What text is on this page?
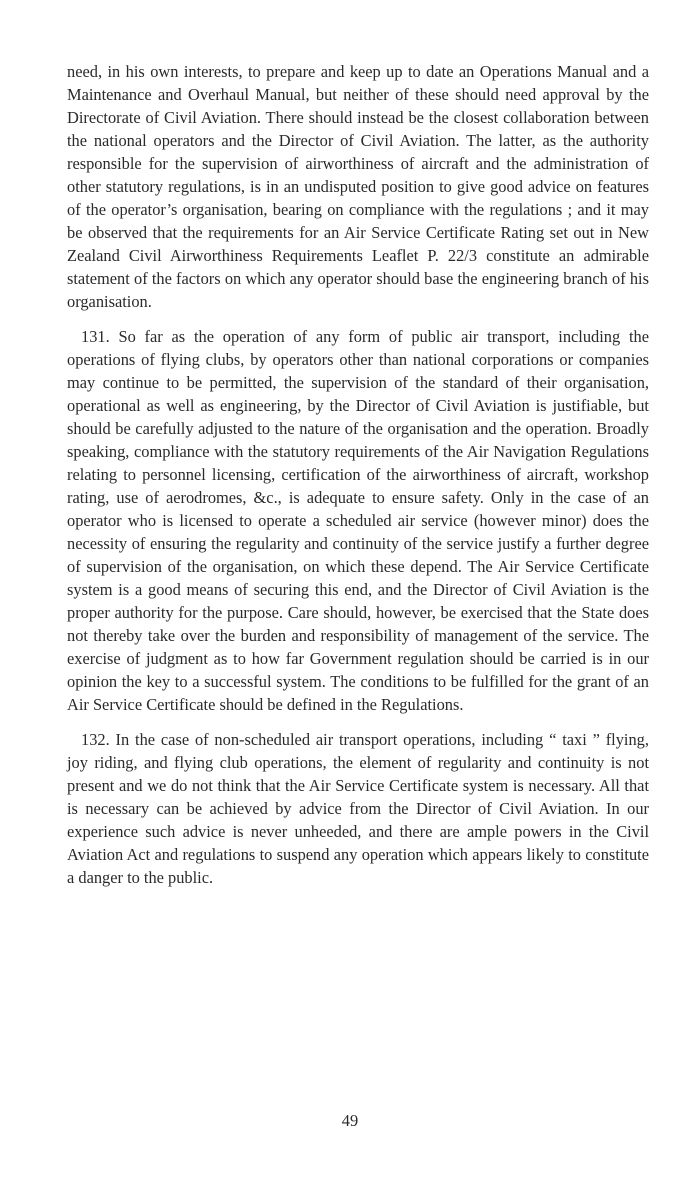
need, in his own interests, to prepare and keep up to date an Operations Manual and a Maintenance and Overhaul Manual, but neither of these should need approval by the Directorate of Civil Aviation. There should instead be the closest collaboration between the national operators and the Director of Civil Aviation. The latter, as the authority responsible for the supervision of airworthiness of aircraft and the administration of other statutory regulations, is in an undisputed position to give good advice on features of the operator’s organisation, bearing on compliance with the regulations ; and it may be observed that the requirements for an Air Service Certificate Rating set out in New Zealand Civil Airworthiness Requirements Leaflet P. 22/3 constitute an admirable statement of the factors on which any operator should base the engineering branch of his organisation.

131. So far as the operation of any form of public air transport, including the operations of flying clubs, by operators other than national corporations or companies may continue to be permitted, the supervision of the standard of their organisation, operational as well as engineering, by the Director of Civil Aviation is justifiable, but should be carefully adjusted to the nature of the organisation and the operation. Broadly speaking, compliance with the statutory requirements of the Air Navigation Regulations relating to personnel licensing, certification of the airworthiness of aircraft, workshop rating, use of aerodromes, &c., is adequate to ensure safety. Only in the case of an operator who is licensed to operate a scheduled air service (however minor) does the necessity of ensuring the regularity and continuity of the service justify a further degree of supervision of the organisation, on which these depend. The Air Service Certificate system is a good means of securing this end, and the Director of Civil Aviation is the proper authority for the purpose. Care should, however, be exercised that the State does not thereby take over the burden and responsibility of management of the service. The exercise of judgment as to how far Government regulation should be carried is in our opinion the key to a successful system. The conditions to be fulfilled for the grant of an Air Service Certificate should be defined in the Regulations.

132. In the case of non-scheduled air transport operations, including “ taxi ” flying, joy riding, and flying club operations, the element of regularity and continuity is not present and we do not think that the Air Service Certificate system is necessary. All that is necessary can be achieved by advice from the Director of Civil Aviation. In our experience such advice is never unheeded, and there are ample powers in the Civil Aviation Act and regulations to suspend any operation which appears likely to constitute a danger to the public.

49
